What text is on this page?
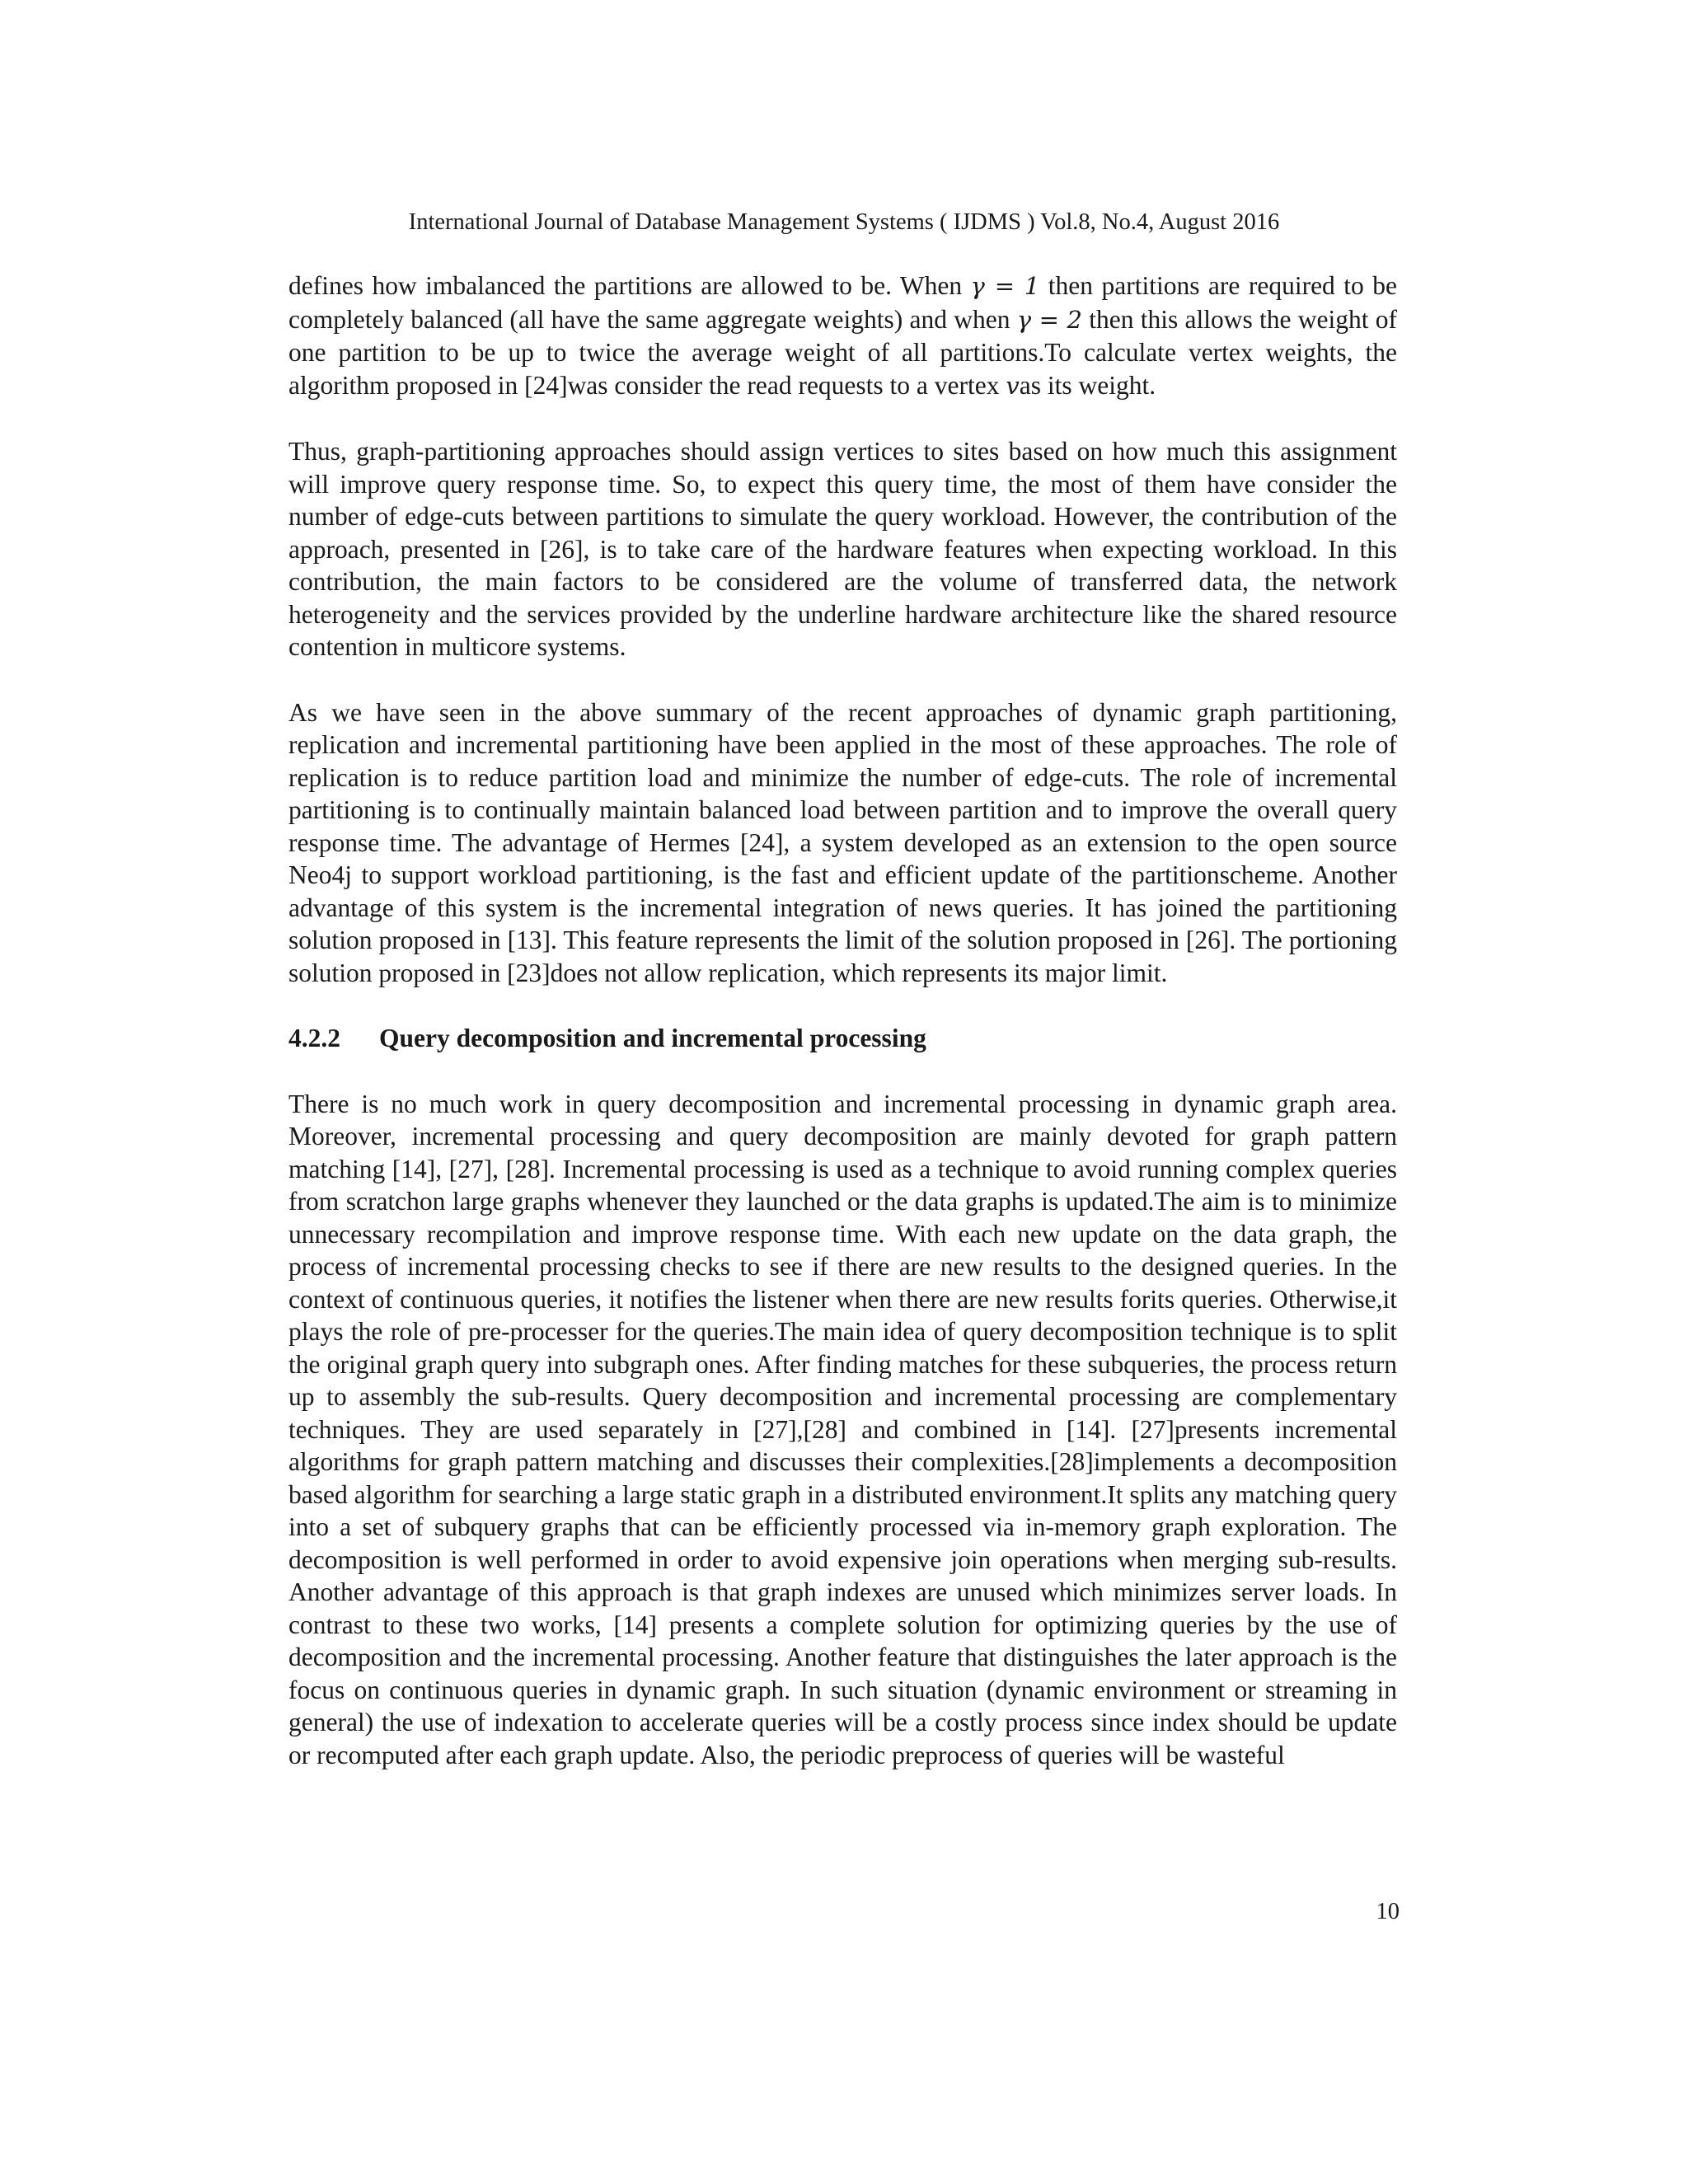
International Journal of Database Management Systems ( IJDMS ) Vol.8, No.4, August 2016

defines how imbalanced the partitions are allowed to be. When γ = 1 then partitions are required to be completely balanced (all have the same aggregate weights) and when γ = 2 then this allows the weight of one partition to be up to twice the average weight of all partitions.To calculate vertex weights, the algorithm proposed in [24]was consider the read requests to a vertex vas its weight.

Thus, graph-partitioning approaches should assign vertices to sites based on how much this assignment will improve query response time. So, to expect this query time, the most of them have consider the number of edge-cuts between partitions to simulate the query workload. However, the contribution of the approach, presented in [26], is to take care of the hardware features when expecting workload. In this contribution, the main factors to be considered are the volume of transferred data, the network heterogeneity and the services provided by the underline hardware architecture like the shared resource contention in multicore systems.

As we have seen in the above summary of the recent approaches of dynamic graph partitioning, replication and incremental partitioning have been applied in the most of these approaches. The role of replication is to reduce partition load and minimize the number of edge-cuts. The role of incremental partitioning is to continually maintain balanced load between partition and to improve the overall query response time. The advantage of Hermes [24], a system developed as an extension to the open source Neo4j to support workload partitioning, is the fast and efficient update of the partitionscheme. Another advantage of this system is the incremental integration of news queries. It has joined the partitioning solution proposed in [13]. This feature represents the limit of the solution proposed in [26]. The portioning solution proposed in [23]does not allow replication, which represents its major limit.

4.2.2 Query decomposition and incremental processing

There is no much work in query decomposition and incremental processing in dynamic graph area. Moreover, incremental processing and query decomposition are mainly devoted for graph pattern matching [14], [27], [28]. Incremental processing is used as a technique to avoid running complex queries from scratchon large graphs whenever they launched or the data graphs is updated.The aim is to minimize unnecessary recompilation and improve response time. With each new update on the data graph, the process of incremental processing checks to see if there are new results to the designed queries. In the context of continuous queries, it notifies the listener when there are new results forits queries. Otherwise,it plays the role of pre-processer for the queries.The main idea of query decomposition technique is to split the original graph query into subgraph ones. After finding matches for these subqueries, the process return up to assembly the sub-results. Query decomposition and incremental processing are complementary techniques. They are used separately in [27],[28] and combined in [14]. [27]presents incremental algorithms for graph pattern matching and discusses their complexities.[28]implements a decomposition based algorithm for searching a large static graph in a distributed environment.It splits any matching query into a set of subquery graphs that can be efficiently processed via in-memory graph exploration. The decomposition is well performed in order to avoid expensive join operations when merging sub-results. Another advantage of this approach is that graph indexes are unused which minimizes server loads. In contrast to these two works, [14] presents a complete solution for optimizing queries by the use of decomposition and the incremental processing. Another feature that distinguishes the later approach is the focus on continuous queries in dynamic graph. In such situation (dynamic environment or streaming in general) the use of indexation to accelerate queries will be a costly process since index should be update or recomputed after each graph update. Also, the periodic preprocess of queries will be wasteful

10
